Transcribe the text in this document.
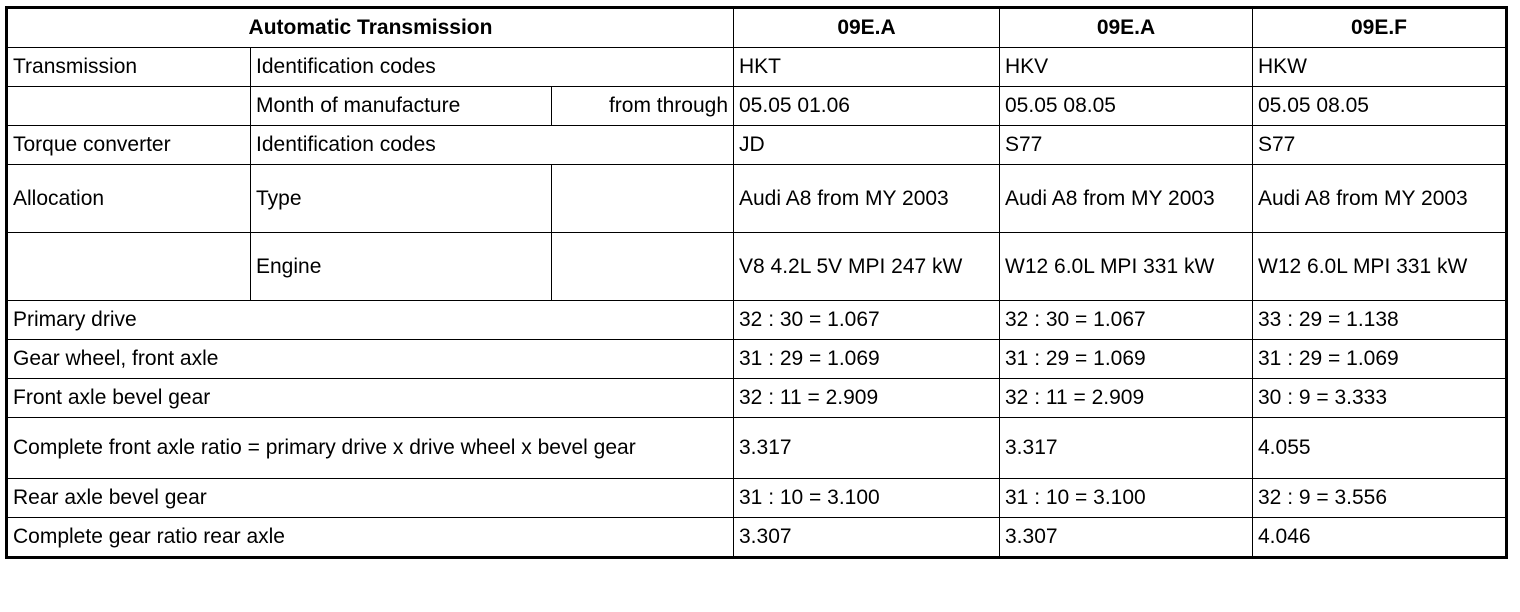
Automatic Transmission			09E.A	09E.A	09E.F
Transmission	Identification codes		HKT	HKV	HKW
	Month of manufacture	from through	05.05 01.06	05.05 08.05	05.05 08.05
Torque converter	Identification codes		JD	S77	S77
Allocation	Type		Audi A8 from MY 2003	Audi A8 from MY 2003	Audi A8 from MY 2003
	Engine		V8 4.2L 5V MPI 247 kW	W12 6.0L MPI 331 kW	W12 6.0L MPI 331 kW
Primary drive			32 : 30 = 1.067	32 : 30 = 1.067	33 : 29 = 1.138
Gear wheel, front axle			31 : 29 = 1.069	31 : 29 = 1.069	31 : 29 = 1.069
Front axle bevel gear			32 : 11 = 2.909	32 : 11 = 2.909	30 : 9 = 3.333
Complete front axle ratio = primary drive x drive wheel x bevel gear			3.317	3.317	4.055
Rear axle bevel gear			31 : 10 = 3.100	31 : 10 = 3.100	32 : 9 = 3.556
Complete gear ratio rear axle			3.307	3.307	4.046
